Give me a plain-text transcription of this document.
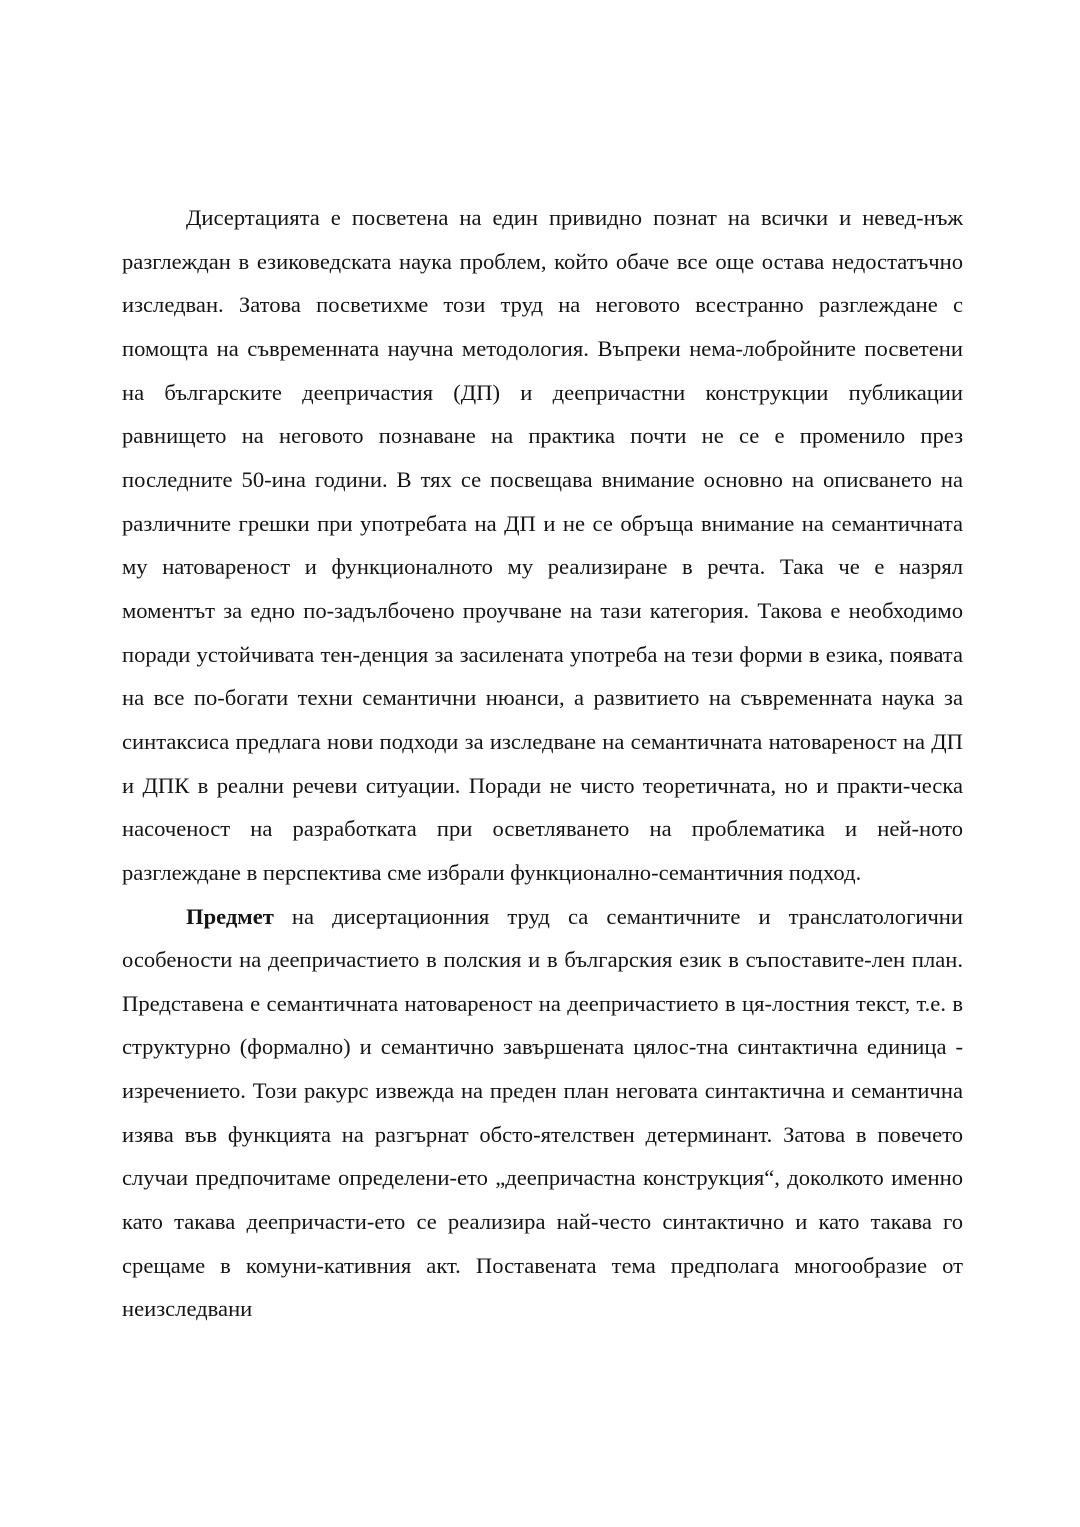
Дисертацията е посветена на един привидно познат на всички и невед-нъж разглеждан в езиковедската наука проблем, който обаче все още остава недостатъчно изследван. Затова посветихме този труд на неговото всестранно разглеждане с помощта на съвременната научна методология. Въпреки нема-лобройните посветени на българските деепричастия (ДП) и деепричастни конструкции публикации равнището на неговото познаване на практика почти не се е променило през последните 50-ина години. В тях се посвещава внимание основно на описването на различните грешки при употребата на ДП и не се обръща внимание на семантичната му натовареност и функционалното му реализиране в речта. Така че е назрял моментът за едно по-задълбочено проучване на тази категория. Такова е необходимо поради устойчивата тен-денция за засилената употреба на тези форми в езика, появата на все по-богати техни семантични нюанси, а развитието на съвременната наука за синтаксиса предлага нови подходи за изследване на семантичната натовареност на ДП и ДПК в реални речеви ситуации. Поради не чисто теоретичната, но и практи-ческа насоченост на разработката при осветляването на проблематика и ней-ното разглеждане в перспектива сме избрали функционално-семантичния подход.

Предмет на дисертационния труд са семантичните и транслатологични особености на деепричастието в полския и в българския език в съпоставите-лен план. Представена е семантичната натовареност на деепричастието в ця-лостния текст, т.е. в структурно (формално) и семантично завършената цялос-тна синтактична единица - изречението. Този ракурс извежда на преден план неговата синтактична и семантична изява във функцията на разгърнат обсто-ятелствен детерминант. Затова в повечето случаи предпочитаме определени-ето „деепричастна конструкция“, доколкото именно като такава деепричасти-ето се реализира най-често синтактично и като такава го срещаме в комуни-кативния акт. Поставената тема предполага многообразие от неизследвани
